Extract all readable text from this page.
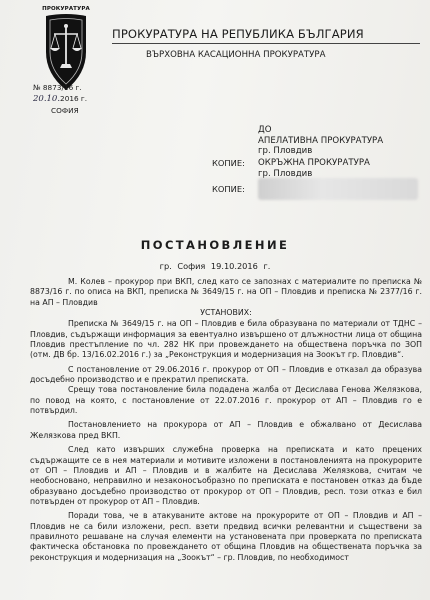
ПРОКУРАТУРА
ПРОКУРАТУРА НА РЕПУБЛИКА БЪЛГАРИЯ
ВЪРХОВНА КАСАЦИОННА ПРОКУРАТУРА
№ 8873/16 г.
20.10.2016 г.
СОФИЯ
ДО
АПЕЛАТИВНА ПРОКУРАТУРА
гр. Пловдив
КОПИЕ: ОКРЪЖНА ПРОКУРАТУРА
гр. Пловдив
КОПИЕ:
ПОСТАНОВЛЕНИЕ
гр. София 19.10.2016 г.

М. Колев – прокурор при ВКП, след като се запознах с материалите по преписка № 8873/16 г. по описа на ВКП, преписка № 3649/15 г. на ОП – Пловдив и преписка № 2377/16 г. на АП – Пловдив

УСТАНОВИХ:

Преписка № 3649/15 г. на ОП – Пловдив е била образувана по материали от ТДНС – Пловдив, съдържащи информация за евентуално извършено от длъжностни лица от община Пловдив престъпление по чл. 282 НК при провеждането на обществена поръчка по ЗОП (отм. ДВ бр. 13/16.02.2016 г.) за „Реконструкция и модернизация на Зоокът гр. Пловдив“.

С постановление от 29.06.2016 г. прокурор от ОП – Пловдив е отказал да образува досъдебно производство и е прекратил преписката.

Срещу това постановление била подадена жалба от Десислава Генова Желязкова, по повод на която, с постановление от 22.07.2016 г. прокурор от АП – Пловдив го е потвърдил.

Постановлението на прокурора от АП – Пловдив е обжалвано от Десислава Желязкова пред ВКП.

След като извърших служебна проверка на преписката и като прецених съдържащите се в нея материали и мотивите изложени в постановленията на прокурорите от ОП – Пловдив и АП – Пловдив и в жалбите на Десислава Желязкова, считам че необосновано, неправилно и незаконосъобразно по преписката е постановен отказ да бъде образувано досъдебно производство от прокурор от ОП – Пловдив, респ. този отказ е бил потвърден от прокурор от АП – Пловдив.

Поради това, че в атакуваните актове на прокурорите от ОП – Пловдив и АП – Пловдив не са били изложени, респ. взети предвид всички релевантни и съществени за правилното решаване на случая елементи на установената при проверката по преписката фактическа обстановка по провеждането от община Пловдив на обществената поръчка за реконструкция и модернизация на „Зоокът“ – гр. Пловдив, по необходимост
